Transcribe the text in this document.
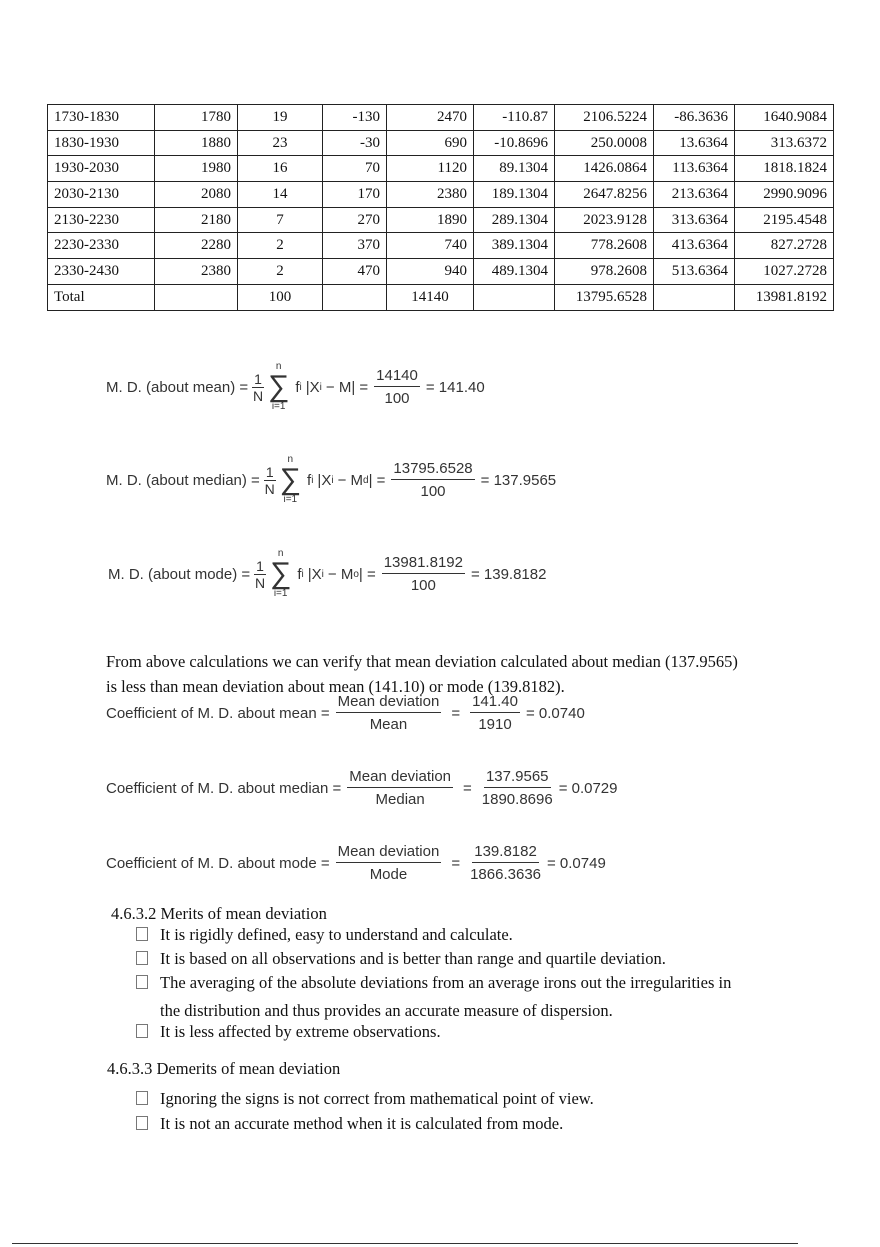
1730-1830	1780	19	-130	2470	-110.87	2106.5224	-86.3636	1640.9084
1830-1930	1880	23	-30	690	-10.8696	250.0008	13.6364	313.6372
1930-2030	1980	16	70	1120	89.1304	1426.0864	113.6364	1818.1824
2030-2130	2080	14	170	2380	189.1304	2647.8256	213.6364	2990.9096
2130-2230	2180	7	270	1890	289.1304	2023.9128	313.6364	2195.4548
2230-2330	2280	2	370	740	389.1304	778.2608	413.6364	827.2728
2330-2430	2380	2	470	940	489.1304	978.2608	513.6364	1027.2728
Total		100		14140		13795.6528		13981.8192
M. D. (about mean) = $\frac{1}{N}$
n
∑
i=1
f i |X $i - M| = \frac{14140}{100} = 141.40$
M. D. (about median) = $\frac{1}{N}$
n
∑
i=1
f i |X i − M d | = $\frac{13795.6528}{100} = 137.9565$
M. D. (about mode) = $\frac{1}{N}$
n
∑
i=1
f i |X i − M o | = $\frac{13981.8192}{100} = 139.8182$
From above calculations we can verify that mean deviation calculated about median (137.9565)
is less than mean deviation about mean (141.10) or mode (139.8182).
Coefficient of M. D. about mean = $\frac{\text{Mean deviation}}{\text{Mean}} = \frac{141.40}{1910} = 0.0740$
Coefficient of M. D. about median = $\frac{\text{Mean deviation}}{\text{Median}} = \frac{137.9565}{1890.8696} = 0.0729$
Coefficient of M. D. about mode = $\frac{\text{Mean deviation}}{\text{Mode}} = \frac{139.8182}{1866.3636} = 0.0749$
4.6.3.2 Merits of mean deviation
It is rigidly defined, easy to understand and calculate.
It is based on all observations and is better than range and quartile deviation.
The averaging of the absolute deviations from an average irons out the irregularities in
the distribution and thus provides an accurate measure of dispersion.
It is less affected by extreme observations.
4.6.3.3 Demerits of mean deviation
Ignoring the signs is not correct from mathematical point of view.
It is not an accurate method when it is calculated from mode.
